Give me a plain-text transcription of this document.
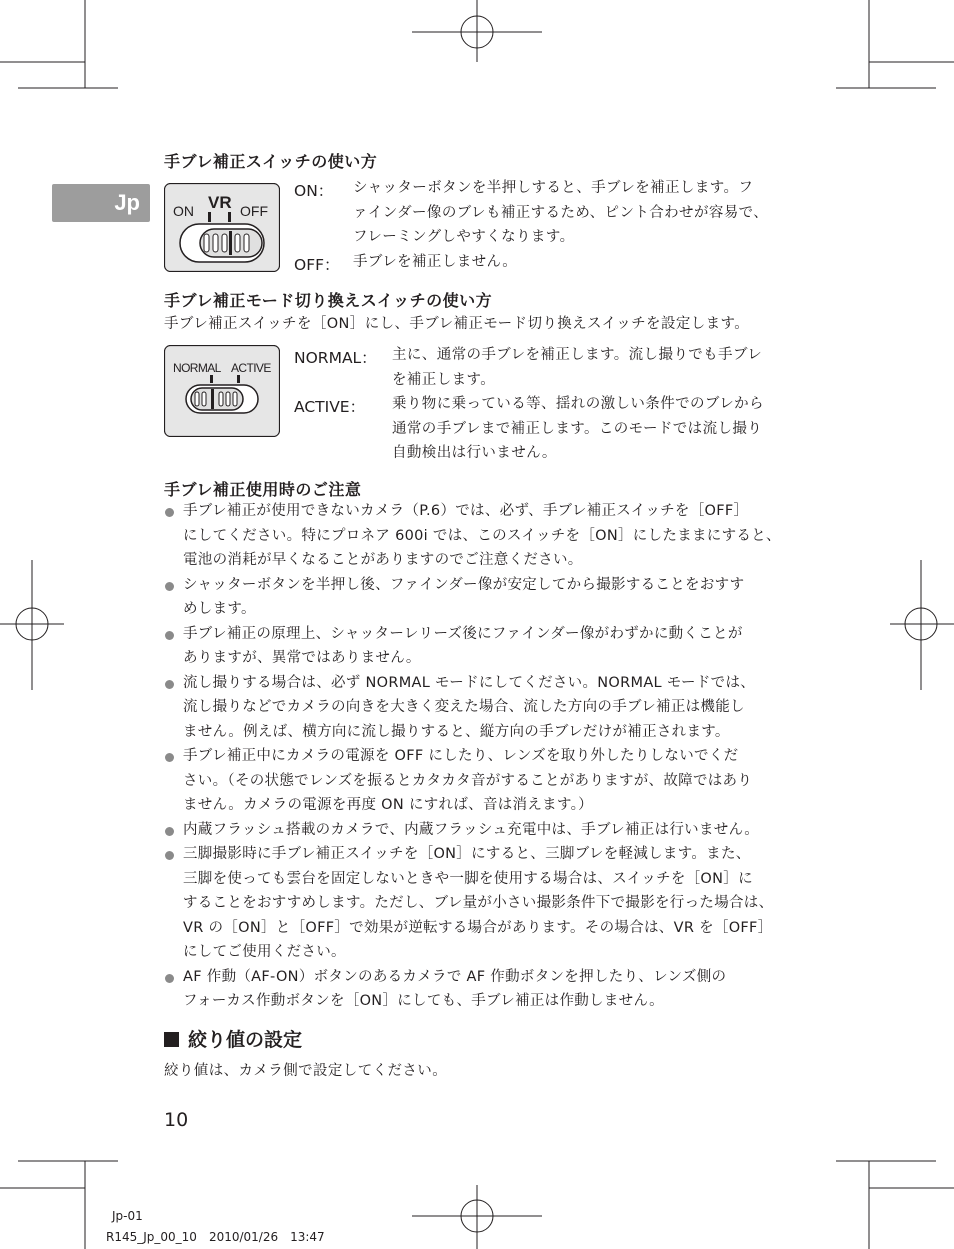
Jp
手ブレ補正スイッチの使い方
ON VR OFF
ON： シャッターボタンを半押しすると、手ブレを補正します。フ
ァインダー像のブレも補正するため、ピント合わせが容易で、
フレーミングしやすくなります。
OFF： 手ブレを補正しません。
手ブレ補正モード切り換えスイッチの使い方
手ブレ補正スイッチを［ON］にし、手ブレ補正モード切り換えスイッチを設定します。
NORMAL ACTIVE
NORMAL： 主に、通常の手ブレを補正します。流し撮りでも手ブレ
を補正します。
ACTIVE： 乗り物に乗っている等、揺れの激しい条件でのブレから
通常の手ブレまで補正します。このモードでは流し撮り
自動検出は行いません。
手ブレ補正使用時のご注意
手ブレ補正が使用できないカメラ（P.6）では、必ず、手ブレ補正スイッチを［OFF］
にしてください。特にプロネア 600i では、このスイッチを［ON］にしたままにすると、
電池の消耗が早くなることがありますのでご注意ください。
シャッターボタンを半押し後、ファインダー像が安定してから撮影することをおすす
めします。
手ブレ補正の原理上、シャッターレリーズ後にファインダー像がわずかに動くことが
ありますが、異常ではありません。
流し撮りする場合は、必ず NORMAL モードにしてください。NORMAL モードでは、
流し撮りなどでカメラの向きを大きく変えた場合、流した方向の手ブレ補正は機能し
ません。例えば、横方向に流し撮りすると、縦方向の手ブレだけが補正されます。
手ブレ補正中にカメラの電源を OFF にしたり、レンズを取り外したりしないでくだ
さい。（その状態でレンズを振るとカタカタ音がすることがありますが、故障ではあり
ません。カメラの電源を再度 ON にすれば、音は消えます。）
内蔵フラッシュ搭載のカメラで、内蔵フラッシュ充電中は、手ブレ補正は行いません。
三脚撮影時に手ブレ補正スイッチを［ON］にすると、三脚ブレを軽減します。また、
三脚を使っても雲台を固定しないときや一脚を使用する場合は、スイッチを［ON］に
することをおすすめします。ただし、ブレ量が小さい撮影条件下で撮影を行った場合は、
VR の［ON］と［OFF］で効果が逆転する場合があります。その場合は、VR を［OFF］
にしてご使用ください。
AF 作動（AF-ON）ボタンのあるカメラで AF 作動ボタンを押したり、レンズ側の
フォーカス作動ボタンを［ON］にしても、手ブレ補正は作動しません。
絞り値の設定
絞り値は、カメラ側で設定してください。
10
Jp-01
R145_Jp_00_10　2010/01/26　13:47
